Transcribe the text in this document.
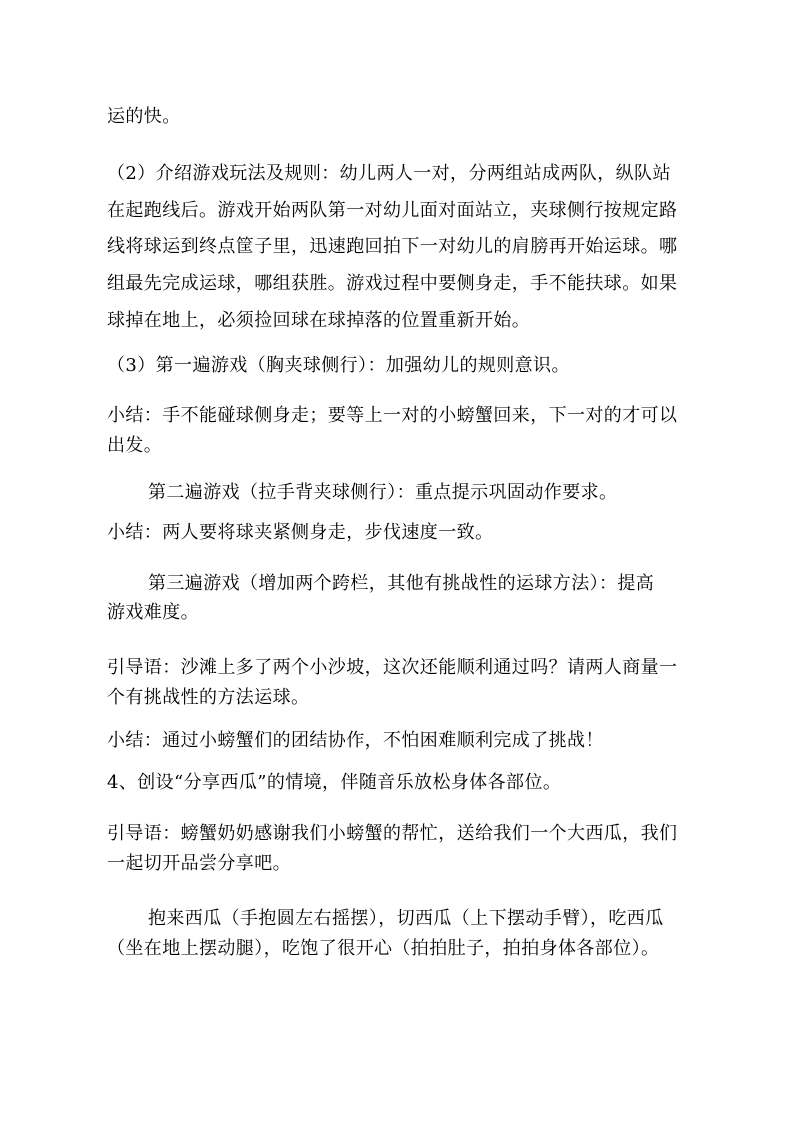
运的快。
（2）介绍游戏玩法及规则：幼儿两人一对，分两组站成两队，纵队站
在起跑线后。游戏开始两队第一对幼儿面对面站立，夹球侧行按规定路
线将球运到终点筐子里，迅速跑回拍下一对幼儿的肩膀再开始运球。哪
组最先完成运球，哪组获胜。游戏过程中要侧身走，手不能扶球。如果
球掉在地上，必须捡回球在球掉落的位置重新开始。
（3）第一遍游戏（胸夹球侧行）：加强幼儿的规则意识。
小结：手不能碰球侧身走；要等上一对的小螃蟹回来，下一对的才可以
出发。
第二遍游戏（拉手背夹球侧行）：重点提示巩固动作要求。
小结：两人要将球夹紧侧身走，步伐速度一致。
第三遍游戏（增加两个跨栏，其他有挑战性的运球方法）：提高
游戏难度。
引导语：沙滩上多了两个小沙坡，这次还能顺利通过吗？请两人商量一
个有挑战性的方法运球。
小结：通过小螃蟹们的团结协作，不怕困难顺利完成了挑战！
4、创设“分享西瓜”的情境，伴随音乐放松身体各部位。
引导语：螃蟹奶奶感谢我们小螃蟹的帮忙，送给我们一个大西瓜，我们
一起切开品尝分享吧。
抱来西瓜（手抱圆左右摇摆），切西瓜（上下摆动手臂），吃西瓜
（坐在地上摆动腿），吃饱了很开心（拍拍肚子，拍拍身体各部位）。
